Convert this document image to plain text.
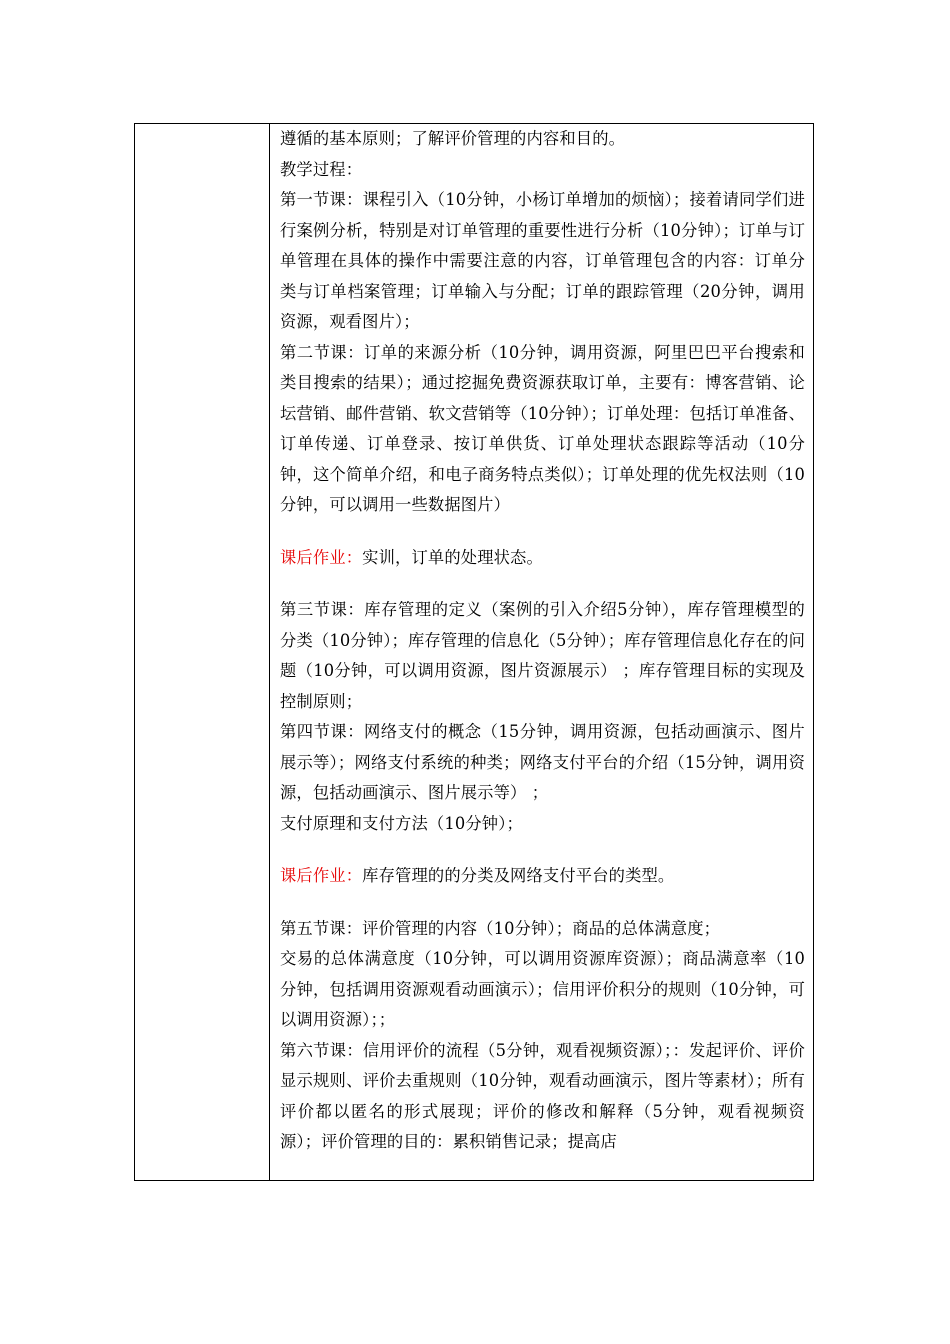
遵循的基本原则；了解评价管理的内容和目的。

教学过程：

第一节课：课程引入（10分钟，小杨订单增加的烦恼）；接着请同学们进行案例分析，特别是对订单管理的重要性进行分析（10分钟）；订单与订单管理在具体的操作中需要注意的内容，订单管理包含的内容：订单分类与订单档案管理；订单输入与分配；订单的跟踪管理（20分钟，调用资源，观看图片）；

第二节课：订单的来源分析（10分钟，调用资源，阿里巴巴平台搜索和类目搜索的结果）；通过挖掘免费资源获取订单，主要有：博客营销、论坛营销、邮件营销、软文营销等（10分钟）；订单处理：包括订单准备、订单传递、订单登录、按订单供货、订单处理状态跟踪等活动（10分钟，这个简单介绍，和电子商务特点类似）；订单处理的优先权法则（10分钟，可以调用一些数据图片）

课后作业：实训，订单的处理状态。

第三节课：库存管理的定义（案例的引入介绍5分钟），库存管理模型的分类（10分钟）；库存管理的信息化（5分钟）；库存管理信息化存在的问题（10分钟，可以调用资源，图片资源展示） ；库存管理目标的实现及控制原则；

第四节课：网络支付的概念（15分钟，调用资源，包括动画演示、图片展示等）；网络支付系统的种类；网络支付平台的介绍（15分钟，调用资源，包括动画演示、图片展示等） ；

支付原理和支付方法（10分钟）；

课后作业：库存管理的的分类及网络支付平台的类型。

第五节课：评价管理的内容（10分钟）；商品的总体满意度；

交易的总体满意度（10分钟，可以调用资源库资源）；商品满意率（10分钟，包括调用资源观看动画演示）；信用评价积分的规则（10分钟，可以调用资源）；；

第六节课：信用评价的流程（5分钟，观看视频资源）；：发起评价、评价显示规则、评价去重规则（10分钟，观看动画演示，图片等素材）；所有评价都以匿名的形式展现；评价的修改和解释（5分钟，观看视频资源）；评价管理的目的：累积销售记录；提高店
